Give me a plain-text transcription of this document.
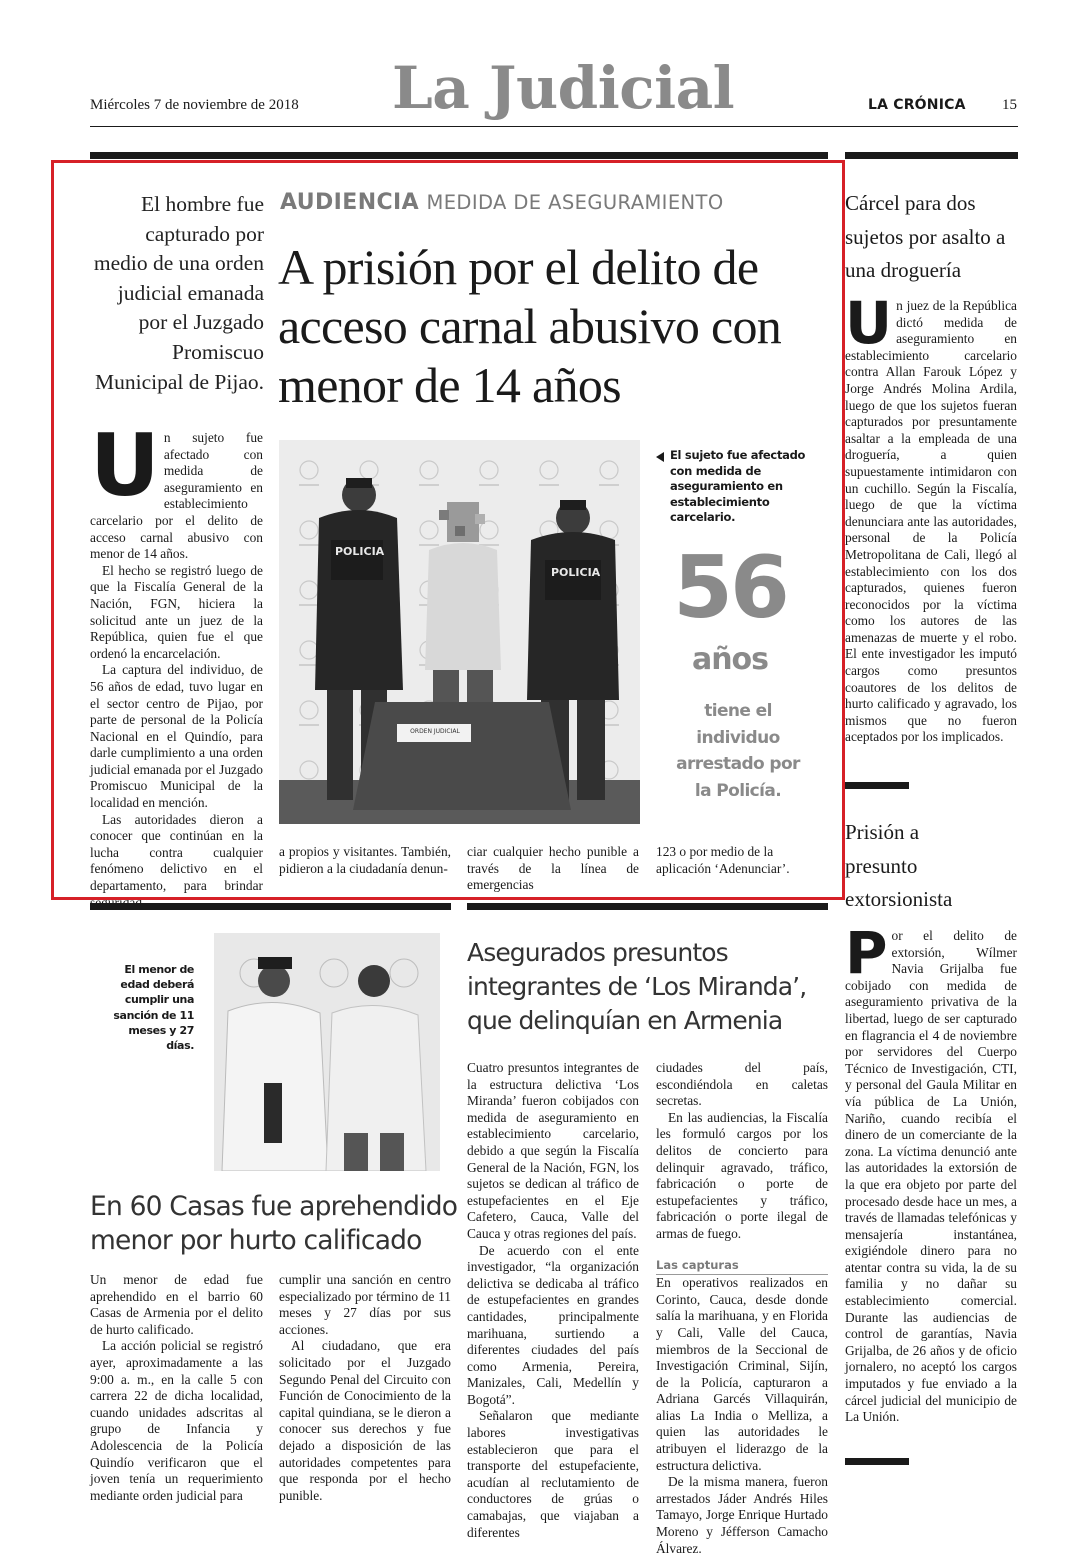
Miércoles 7 de noviembre de 2018 La Judicial	LA CRÓNICA 15
El hombre fue capturado por medio de una orden judicial emanada por el Juzgado Promiscuo Municipal de Pijao.
AUDIENCIA MEDIDA DE ASEGURAMIENTO
A prisión por el delito de acceso carnal abusivo con menor de 14 años
U n sujeto fue afectado con medida de aseguramiento en establecimiento carcelario por el delito de acceso carnal abusivo con menor de 14 años.

El hecho se registró luego de que la Fiscalía General de la Nación, FGN, hiciera la solicitud ante un juez de la República, quien fue el que ordenó la encarcelación.

La captura del individuo, de 56 años de edad, tuvo lugar en el sector centro de Pijao, por parte de personal de la Policía Nacional en el Quindío, para darle cumplimiento a una orden judicial emanada por el Juzgado Promiscuo Municipal de la localidad en mención.

Las autoridades dieron a conocer que continúan en la lucha contra cualquier fenómeno delictivo en el departamento, para brindar

POLICIA
POLICIA
ORDEN JUDICIAL
El sujeto fue afectado con medida de aseguramiento en establecimiento carcelario.
56
años
tiene el individuo arrestado por la Policía.
a propios y visitantes. También, pidieron a la ciudadanía denun-
ciar cualquier hecho punible a través de la línea de emergencias
123 o por medio de la aplicación ‘Adenunciar’.
Cárcel para dos sujetos por asalto a una droguería
U n juez de la República dictó medida de aseguramiento en establecimiento carcelario contra Allan Farouk López y Jorge Andrés Molina Ardila, luego de que los sujetos fueran capturados por presuntamente asaltar a la empleada de una droguería, a quien supuestamente intimidaron con un cuchillo. Según la Fiscalía, luego de que la víctima denunciara ante las autoridades, personal de la Policía Metropolitana de Cali, llegó al establecimiento con los dos capturados, quienes fueron reconocidos por la víctima como los autores de las amenazas de muerte y el robo. El ente investigador les imputó cargos como presuntos coautores de los delitos de hurto calificado y agravado, los mismos que no fueron aceptados por los implicados.

Prisión a presunto extorsionista
P or el delito de extorsión, Wílmer Navia Grijalba fue cobijado con medida de aseguramiento privativa de la libertad, luego de ser capturado en flagrancia el 4 de noviembre por servidores del Cuerpo Técnico de Investigación, CTI, y personal del Gaula Militar en vía pública de La Unión, Nariño, cuando recibía el dinero de un comerciante de la zona. La víctima denunció ante las autoridades la extorsión de la que era objeto por parte del procesado desde hace un mes, a través de llamadas telefónicas y mensajería instantánea, exigiéndole dinero para no atentar contra su vida, la de su familia y no dañar su establecimiento comercial. Durante las audiencias de control de garantías, Navia Grijalba, de 26 años y de oficio jornalero, no aceptó los cargos imputados y fue enviado a la cárcel judicial del municipio de La Unión.

El menor de edad deberá cumplir una sanción de 11 meses y 27 días.
En 60 Casas fue aprehendido menor por hurto calificado

Un menor de edad fue aprehendido en el barrio 60 Casas de Armenia por el delito de hurto calificado.

La acción policial se registró ayer, aproximadamente a las 9:00 a. m., en la calle 5 con carrera 22 de dicha localidad, cuando unidades adscritas al grupo de Infancia y Adolescencia de la Policía Quindío verificaron que el joven tenía un requerimiento mediante orden judicial para

cumplir una sanción en centro especializado por término de 11 meses y 27 días por sus acciones.

Al ciudadano, que era solicitado por el Juzgado Segundo Penal del Circuito con Función de Conocimiento de la capital quindiana, se le dieron a conocer sus derechos y fue dejado a disposición de las autoridades competentes para que responda por el hecho punible.

Asegurados presuntos integrantes de ‘Los Miranda’, que delinquían en Armenia

Cuatro presuntos integrantes de la estructura delictiva ‘Los Miranda’ fueron cobijados con medida de aseguramiento en establecimiento carcelario, debido a que según la Fiscalía General de la Nación, FGN, los sujetos se dedican al tráfico de estupefacientes en el Eje Cafetero, Cauca, Valle del Cauca y otras regiones del país.

De acuerdo con el ente investigador, “la organización delictiva se dedicaba al tráfico de estupefacientes en grandes cantidades, principalmente marihuana, surtiendo a diferentes ciudades del país como Armenia, Pereira, Manizales, Cali, Medellín y Bogotá”.

Señalaron que mediante labores investigativas establecieron que para el transporte del estupefaciente, acudían al reclutamiento de conductores de grúas o camabajas, que viajaban a diferentes

ciudades del país, escondiéndola en caletas secretas.

En las audiencias, la Fiscalía les formuló cargos por los delitos de concierto para delinquir agravado, tráfico, fabricación o porte de estupefacientes y tráfico, fabricación o porte ilegal de armas de fuego.

Las capturas

En operativos realizados en Corinto, Cauca, desde donde salía la marihuana, y en Florida y Cali, Valle del Cauca, miembros de la Seccional de Investigación Criminal, Sijín, de la Policía, capturaron a Adriana Garcés Villaquirán, alias La India o Melliza, a quien las autoridades le atribuyen el liderazgo de la estructura delictiva.

De la misma manera, fueron arrestados Jáder Andrés Hiles Tamayo, Jorge Enrique Hurtado Moreno y Jéfferson Camacho Álvarez.
